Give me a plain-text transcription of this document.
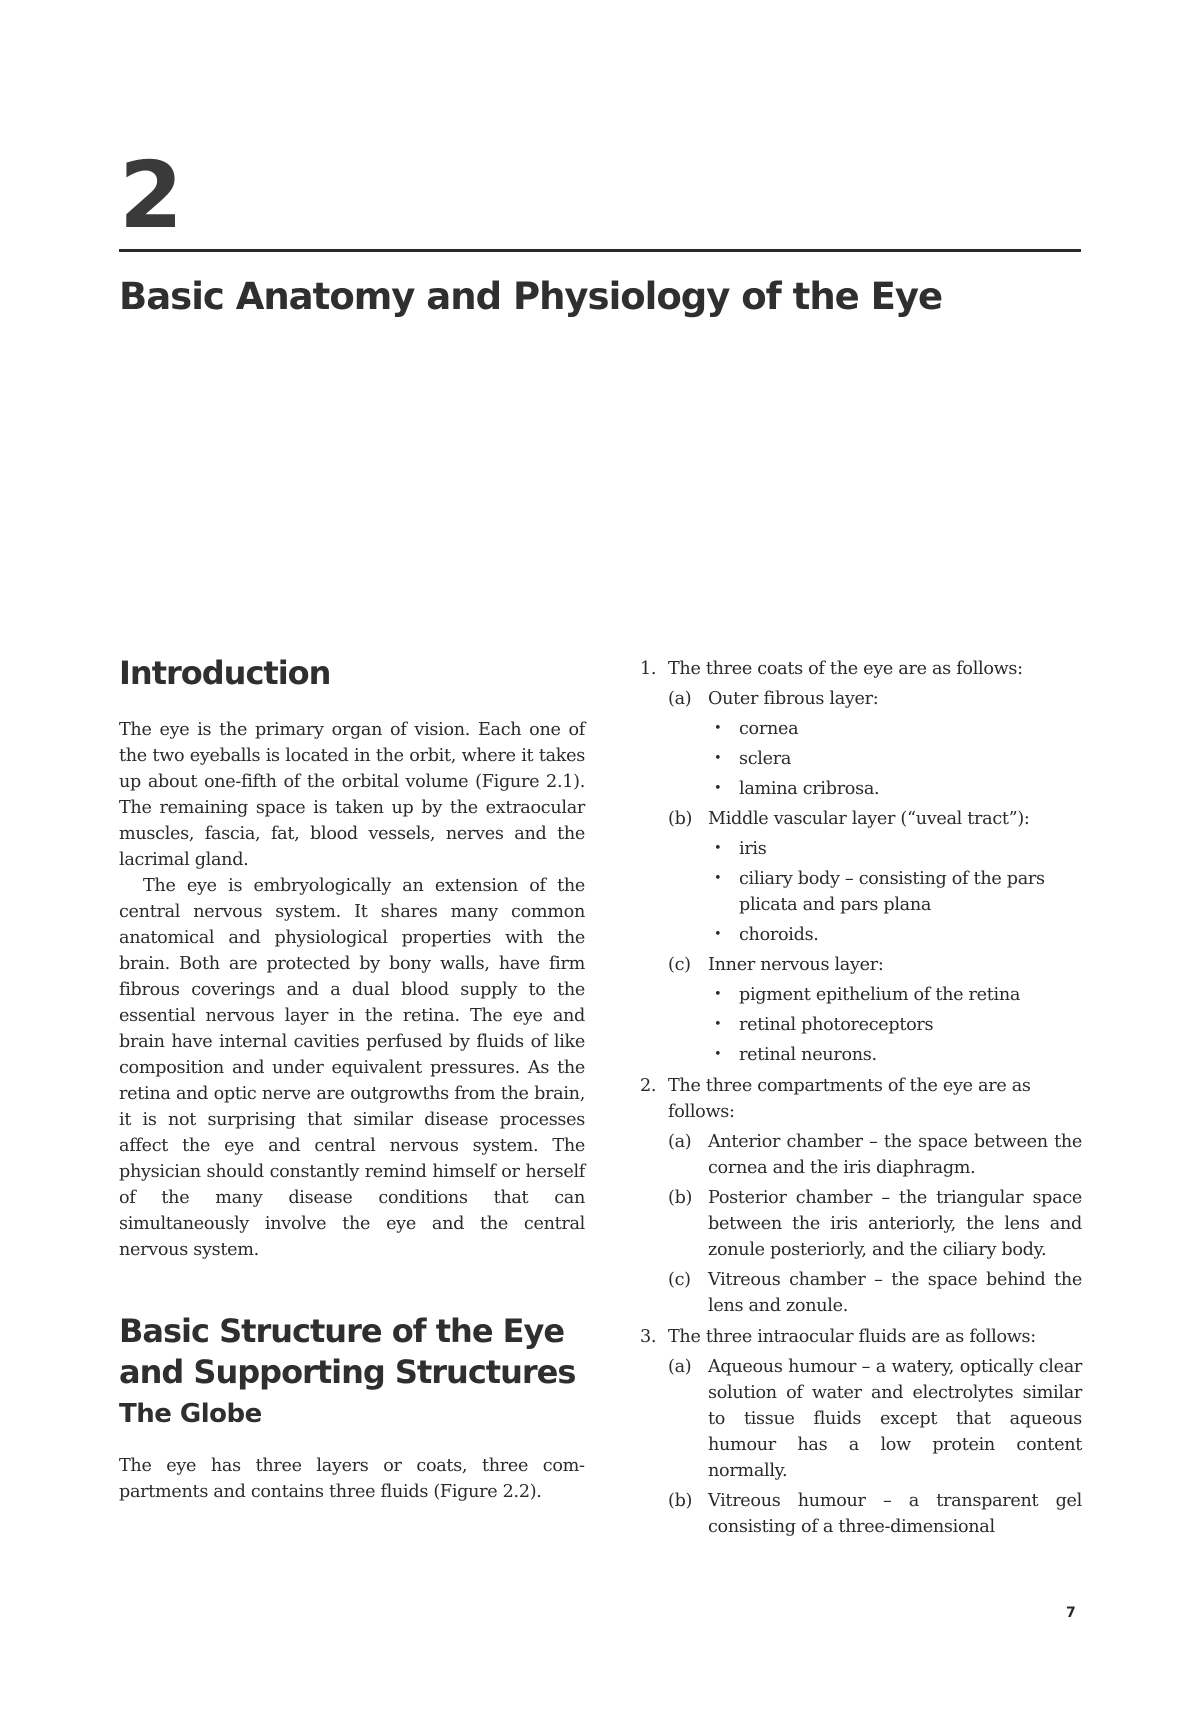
2
Basic Anatomy and Physiology of the Eye
Introduction

The eye is the primary organ of vision. Each one of the two eyeballs is located in the orbit, where it takes up about one-fifth of the orbital volume (Figure 2.1). The remaining space is taken up by the extraocular muscles, fascia, fat, blood vessels, nerves and the lacrimal gland.

The eye is embryologically an extension of the central nervous system. It shares many common anatomical and physiological properties with the brain. Both are protected by bony walls, have firm fibrous coverings and a dual blood supply to the essential nervous layer in the retina. The eye and brain have internal cavities perfused by fluids of like composition and under equivalent pressures. As the retina and optic nerve are outgrowths from the brain, it is not surprising that similar disease processes affect the eye and central nervous system. The physician should constantly remind himself or herself of the many disease conditions that can simultaneously involve the eye and the central nervous system.

Basic Structure of the Eye and Supporting Structures
The Globe

The eye has three layers or coats, three compartments and contains three fluids (Figure 2.2).

1. The three coats of the eye are as follows:
(a) Outer fibrous layer:
• cornea
• sclera
• lamina cribrosa.
(b) Middle vascular layer (“uveal tract”):
• iris
• ciliary body – consisting of the pars plicata and pars plana
• choroids.
(c) Inner nervous layer:
• pigment epithelium of the retina
• retinal photoreceptors
• retinal neurons.
2. The three compartments of the eye are as follows:
(a) Anterior chamber – the space between the cornea and the iris diaphragm.
(b) Posterior chamber – the triangular space between the iris anteriorly, the lens and zonule posteriorly, and the ciliary body.
(c) Vitreous chamber – the space behind the lens and zonule.
3. The three intraocular fluids are as follows:
(a) Aqueous humour – a watery, optically clear solution of water and electrolytes similar to tissue fluids except that aqueous humour has a low protein content normally.
(b) Vitreous humour – a transparent gel consisting of a three-dimensional
7
